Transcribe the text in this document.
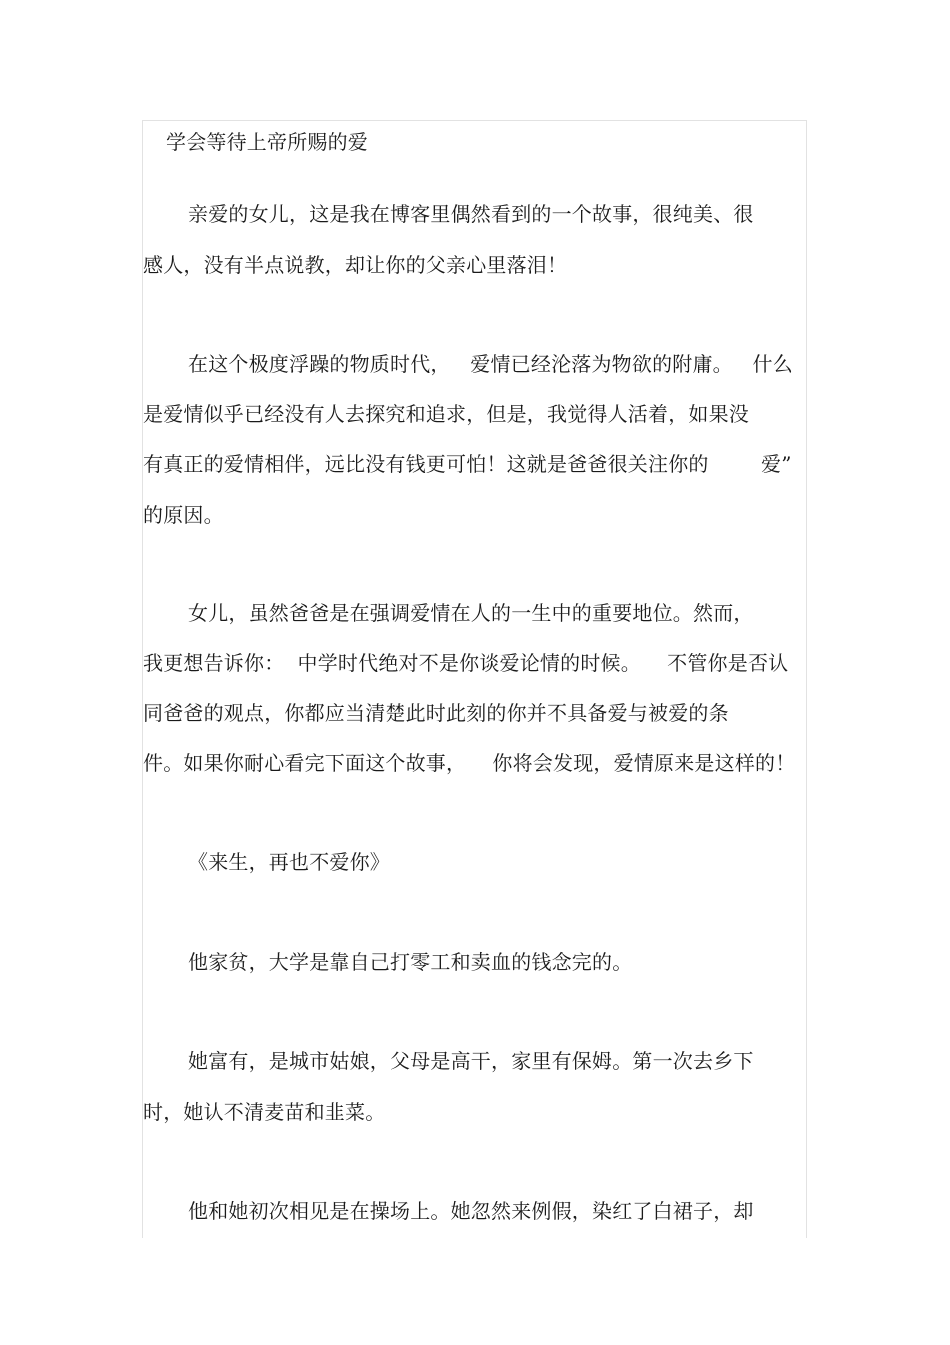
学会等待上帝所赐的爱
亲爱的女儿，这是我在博客里偶然看到的一个故事，很纯美、很
感人，没有半点说教，却让你的父亲心里落泪！
在这个极度浮躁的物质时代，   爱情已经沦落为物欲的附庸。   什么
是爱情似乎已经没有人去探究和追求，但是，我觉得人活着，如果没
有真正的爱情相伴，远比没有钱更可怕！这就是爸爸很关注你的        爱”
的原因。
女儿，虽然爸爸是在强调爱情在人的一生中的重要地位。然而，
我更想告诉你：  中学时代绝对不是你谈爱论情的时候。    不管你是否认
同爸爸的观点，你都应当清楚此时此刻的你并不具备爱与被爱的条
件。如果你耐心看完下面这个故事，    你将会发现，爱情原来是这样的！
《来生，再也不爱你》
他家贫，大学是靠自己打零工和卖血的钱念完的。
她富有，是城市姑娘，父母是高干，家里有保姆。第一次去乡下
时，她认不清麦苗和韭菜。
他和她初次相见是在操场上。她忽然来例假，染红了白裙子，却
